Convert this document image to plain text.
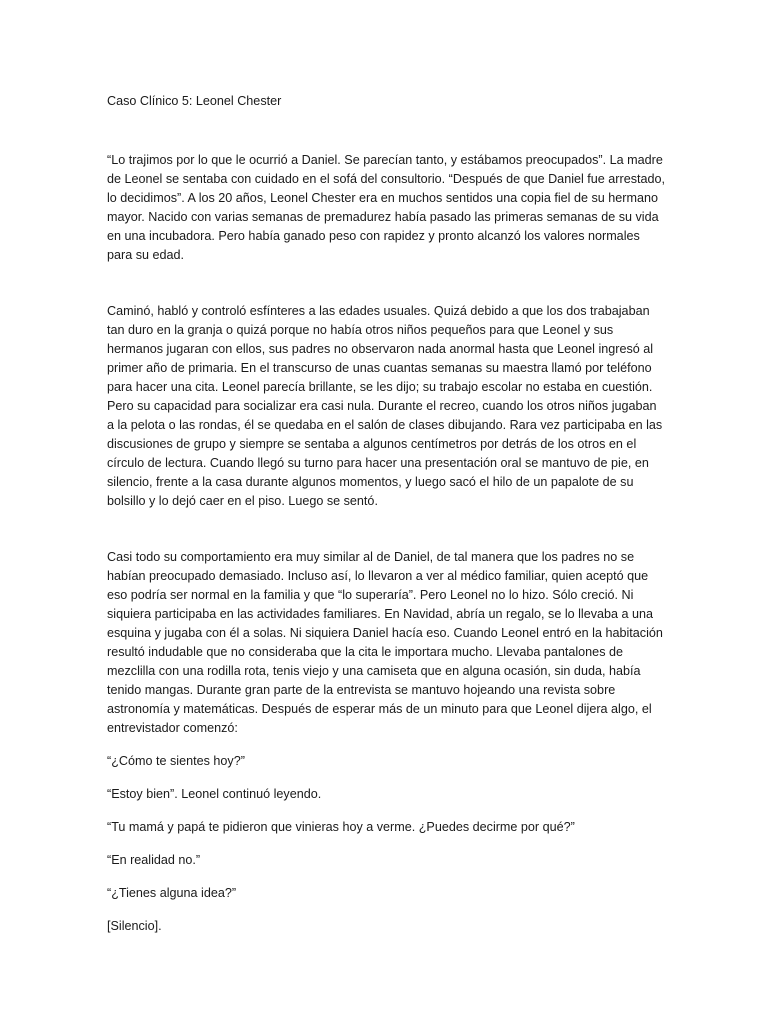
Caso Clínico 5: Leonel Chester

“Lo trajimos por lo que le ocurrió a Daniel. Se parecían tanto, y estábamos preocupados”. La madre de Leonel se sentaba con cuidado en el sofá del consultorio. “Después de que Daniel fue arrestado, lo decidimos”. A los 20 años, Leonel Chester era en muchos sentidos una copia fiel de su hermano mayor. Nacido con varias semanas de premadurez había pasado las primeras semanas de su vida en una incubadora. Pero había ganado peso con rapidez y pronto alcanzó los valores normales para su edad.

Caminó, habló y controló esfínteres a las edades usuales. Quizá debido a que los dos trabajaban tan duro en la granja o quizá porque no había otros niños pequeños para que Leonel y sus hermanos jugaran con ellos, sus padres no observaron nada anormal hasta que Leonel ingresó al primer año de primaria. En el transcurso de unas cuantas semanas su maestra llamó por teléfono para hacer una cita. Leonel parecía brillante, se les dijo; su trabajo escolar no estaba en cuestión. Pero su capacidad para socializar era casi nula. Durante el recreo, cuando los otros niños jugaban a la pelota o las rondas, él se quedaba en el salón de clases dibujando. Rara vez participaba en las discusiones de grupo y siempre se sentaba a algunos centímetros por detrás de los otros en el círculo de lectura. Cuando llegó su turno para hacer una presentación oral se mantuvo de pie, en silencio, frente a la casa durante algunos momentos, y luego sacó el hilo de un papalote de su bolsillo y lo dejó caer en el piso. Luego se sentó.

Casi todo su comportamiento era muy similar al de Daniel, de tal manera que los padres no se habían preocupado demasiado. Incluso así, lo llevaron a ver al médico familiar, quien aceptó que eso podría ser normal en la familia y que “lo superaría”. Pero Leonel no lo hizo. Sólo creció. Ni siquiera participaba en las actividades familiares. En Navidad, abría un regalo, se lo llevaba a una esquina y jugaba con él a solas. Ni siquiera Daniel hacía eso. Cuando Leonel entró en la habitación resultó indudable que no consideraba que la cita le importara mucho. Llevaba pantalones de mezclilla con una rodilla rota, tenis viejo y una camiseta que en alguna ocasión, sin duda, había tenido mangas. Durante gran parte de la entrevista se mantuvo hojeando una revista sobre astronomía y matemáticas. Después de esperar más de un minuto para que Leonel dijera algo, el entrevistador comenzó:

“¿Cómo te sientes hoy?”

“Estoy bien”. Leonel continuó leyendo.

“Tu mamá y papá te pidieron que vinieras hoy a verme. ¿Puedes decirme por qué?”

“En realidad no.”

“¿Tienes alguna idea?”

[Silencio].
